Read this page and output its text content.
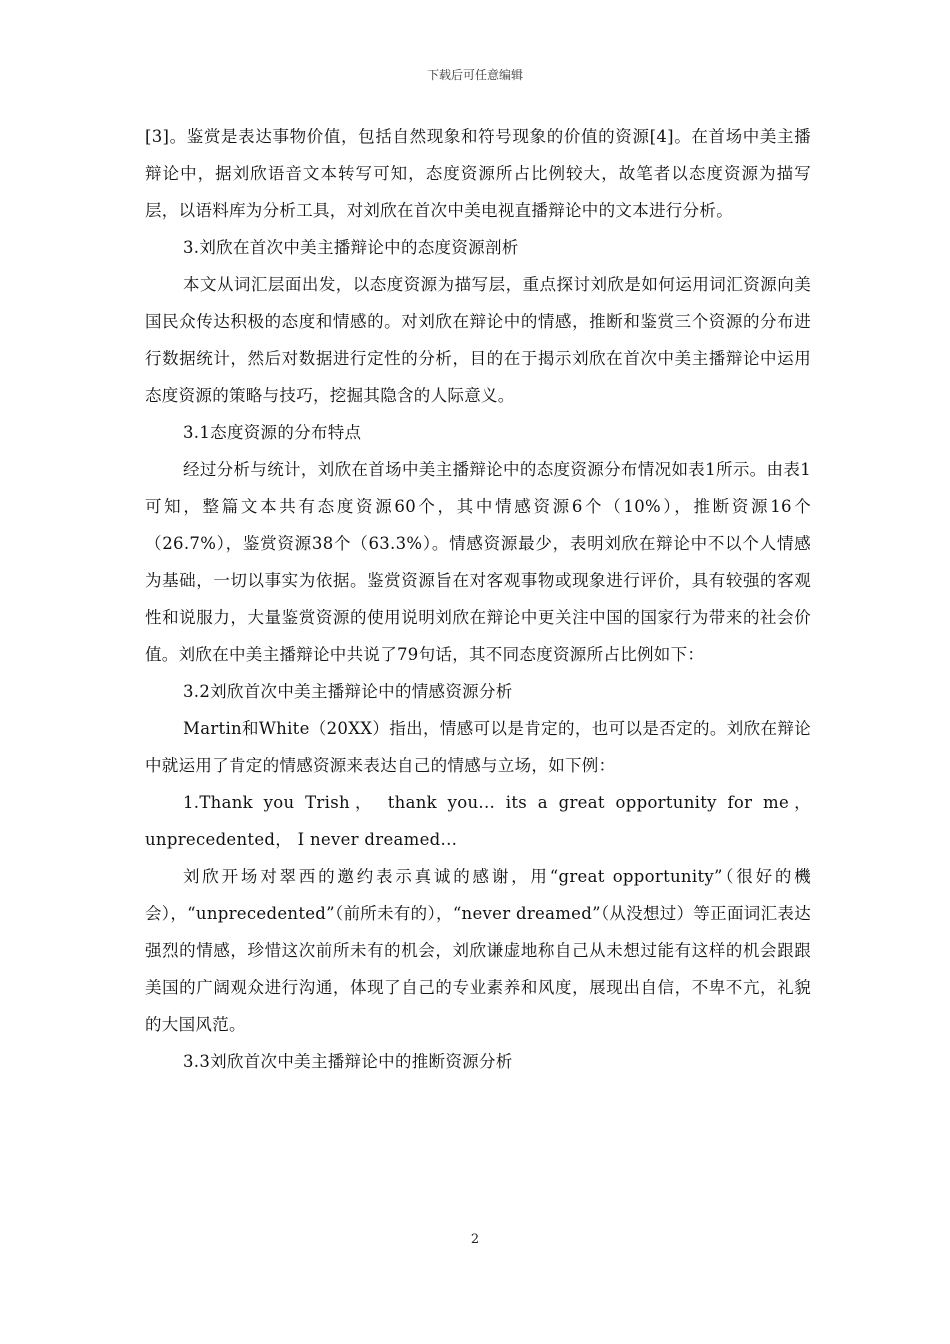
下载后可任意编辑

[3]。鉴赏是表达事物价值，包括自然现象和符号现象的价值的资源[4]。在首场中美主播辩论中，据刘欣语音文本转写可知，态度资源所占比例较大，故笔者以态度资源为描写层，以语料库为分析工具，对刘欣在首次中美电视直播辩论中的文本进行分析。

3.刘欣在首次中美主播辩论中的态度资源剖析

本文从词汇层面出发，以态度资源为描写层，重点探讨刘欣是如何运用词汇资源向美国民众传达积极的态度和情感的。对刘欣在辩论中的情感，推断和鉴赏三个资源的分布进行数据统计，然后对数据进行定性的分析，目的在于揭示刘欣在首次中美主播辩论中运用态度资源的策略与技巧，挖掘其隐含的人际意义。

3.1态度资源的分布特点

经过分析与统计，刘欣在首场中美主播辩论中的态度资源分布情况如表1所示。由表1可知，整篇文本共有态度资源60个，其中情感资源6个（10%），推断资源16个（26.7%），鉴赏资源38个（63.3%）。情感资源最少，表明刘欣在辩论中不以个人情感为基础，一切以事实为依据。鉴赏资源旨在对客观事物或现象进行评价，具有较强的客观性和说服力，大量鉴赏资源的使用说明刘欣在辩论中更关注中国的国家行为带来的社会价值。刘欣在中美主播辩论中共说了79句话，其不同态度资源所占比例如下：

3.2刘欣首次中美主播辩论中的情感资源分析

Martin和White（20XX）指出，情感可以是肯定的，也可以是否定的。刘欣在辩论中就运用了肯定的情感资源来表达自己的情感与立场，如下例：

1.Thank you Trish， thank you... its a great opportunity for me，unprecedented， I never dreamed...

刘欣开场对翠西的邀约表示真诚的感谢，用“great opportunity”（很好的機会），“unprecedented”（前所未有的），“never dreamed”（从没想过）等正面词汇表达强烈的情感，珍惜这次前所未有的机会，刘欣谦虚地称自己从未想过能有这样的机会跟跟美国的广阔观众进行沟通，体现了自己的专业素养和风度，展现出自信，不卑不亢，礼貌的大国风范。

3.3刘欣首次中美主播辩论中的推断资源分析

2
